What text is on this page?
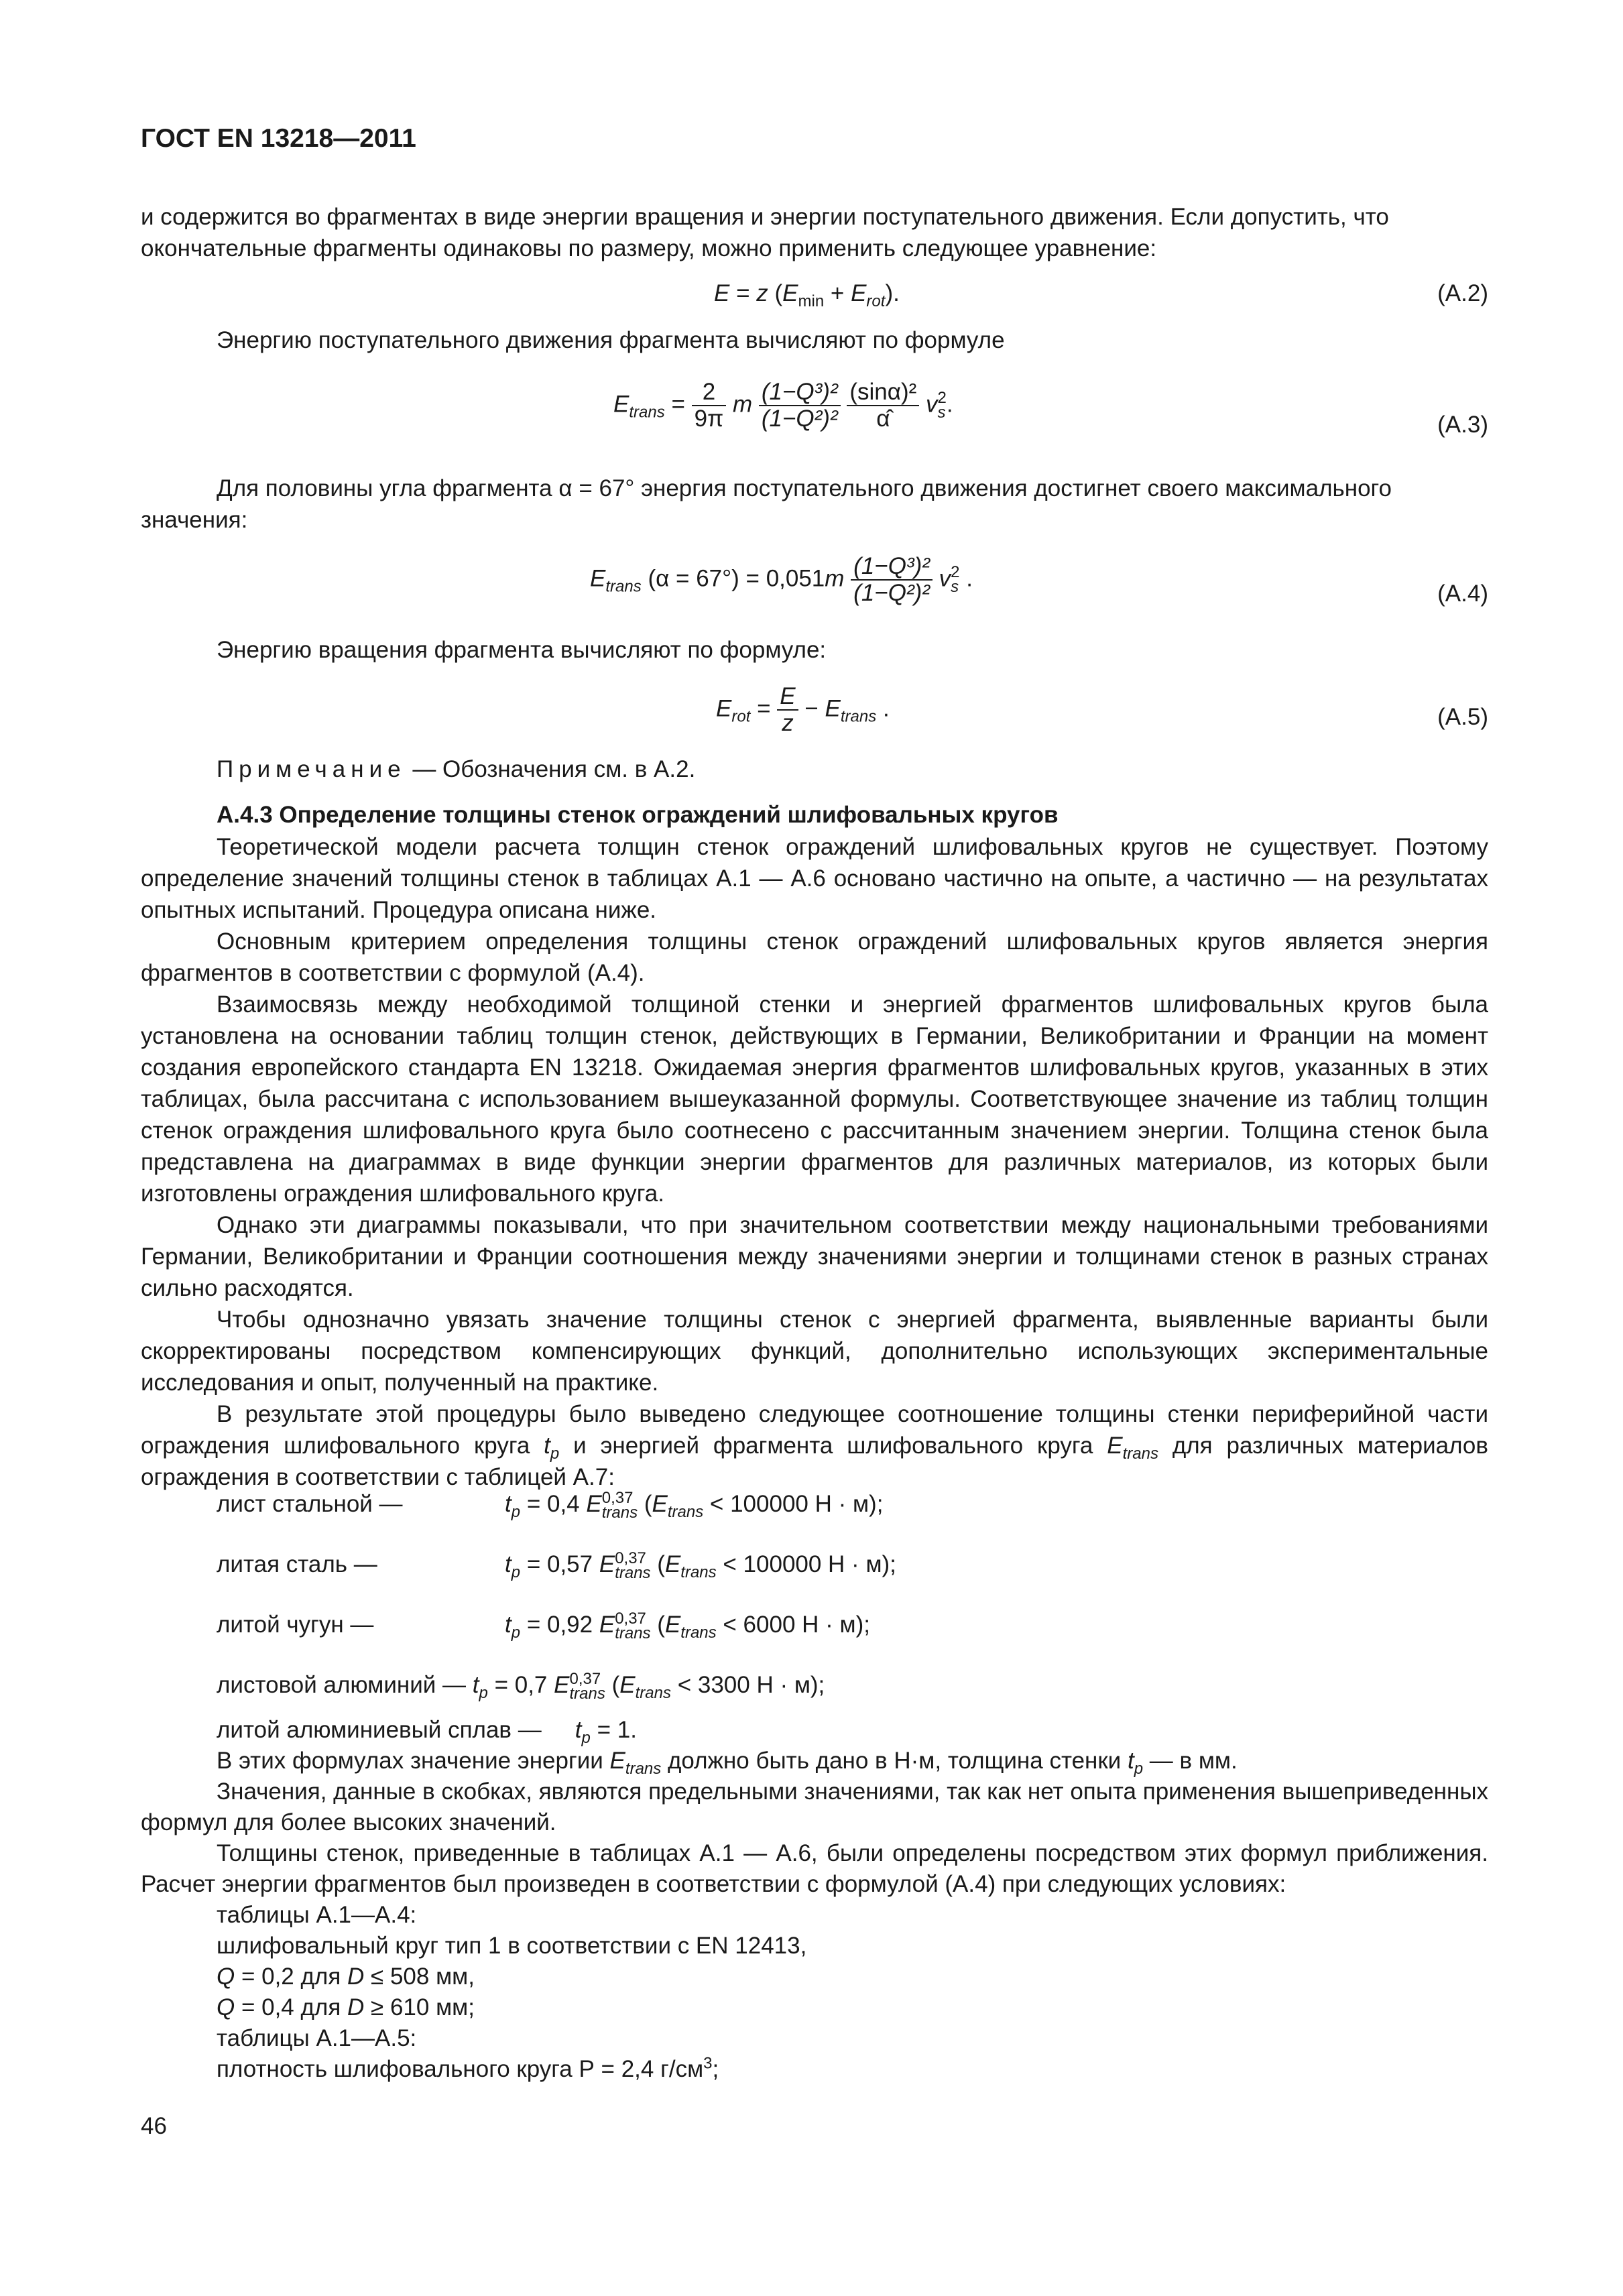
ГОСТ EN 13218—2011
и содержится во фрагментах в виде энергии вращения и энергии поступательного движения. Если допустить, что
окончательные фрагменты одинаковы по размеру, можно применить следующее уравнение:
E = z $(E_{min} + E_{rot})$.	(A.2)
Энергию поступательного движения фрагмента вычисляют по формуле
$E_{trans} = \frac{2}{9\pi}$ m $\frac{\text{(1−Q³)²}}{\text{(1−Q²)²}}$
$\frac{\text{(sinα)²}}{\alphâ}$ v 2
s .
(A.3)
Для половины угла фрагмента α = 67° энергия поступательного движения достигнет своего максимального
значения:
$E_{trans}$ $(\alpha = 67^\circ) = 0,051m \frac{\text{(1−Q³)²}}{\text{(1−Q²)²}}$ v 2
s .
(A.4)
Энергию вращения фрагмента вычисляют по формуле:
$E_{rot} = \frac{E}{z} - E_{trans}$ .	(A.5)
Примечание — Обозначения см. в А.2.
А.4.3 Определение толщины стенок ограждений шлифовальных кругов
Теоретической модели расчета толщин стенок ограждений шлифовальных кругов не существует. Поэтому определение значений толщины стенок в таблицах А.1 — А.6 основано частично на опыте, а частично — на результатах опытных испытаний. Процедура описана ниже.
Основным критерием определения толщины стенок ограждений шлифовальных кругов является энергия фрагментов в соответствии с формулой (А.4).
Взаимосвязь между необходимой толщиной стенки и энергией фрагментов шлифовальных кругов была установлена на основании таблиц толщин стенок, действующих в Германии, Великобритании и Франции на момент создания европейского стандарта EN 13218. Ожидаемая энергия фрагментов шлифовальных кругов, указанных в этих таблицах, была рассчитана с использованием вышеуказанной формулы. Соответствующее значение из таблиц толщин стенок ограждения шлифовального круга было соотнесено с рассчитанным значением энергии. Толщина стенок была представлена на диаграммах в виде функции энергии фрагментов для различных материалов, из которых были изготовлены ограждения шлифовального круга.
Однако эти диаграммы показывали, что при значительном соответствии между национальными требованиями Германии, Великобритании и Франции соотношения между значениями энергии и толщинами стенок в разных странах сильно расходятся.
Чтобы однозначно увязать значение толщины стенок с энергией фрагмента, выявленные варианты были скорректированы посредством компенсирующих функций, дополнительно использующих экспериментальные исследования и опыт, полученный на практике.
В результате этой процедуры было выведено следующее соотношение толщины стенки периферийной части ограждения шлифовального круга $t_p$ и энергией фрагмента шлифовального круга $E_{trans}$ для различных материалов ограждения в соответствии с таблицей А.7:
лист стальной —	$t_p = 0,4$ E 0,37
trans ($E_{trans} < 100000$ Н · м);
литая сталь —	$t_p = 0,57$ E 0,37
trans ($E_{trans} < 100000$ Н · м);
литой чугун —	$t_p = 0,92$ E 0,37
trans ($E_{trans} < 6000$ Н · м);
листовой алюминий — $t_p = 0,7$ E 0,37
trans ($E_{trans} < 3300$ Н · м);
литой алюминиевый сплав — $t_p = 1$.
В этих формулах значение энергии $E_{trans}$ должно быть дано в Н·м, толщина стенки $t_p$ — в мм.
Значения, данные в скобках, являются предельными значениями, так как нет опыта применения вышеприведенных формул для более высоких значений.
Толщины стенок, приведенные в таблицах А.1 — А.6, были определены посредством этих формул приближения. Расчет энергии фрагментов был произведен в соответствии с формулой (А.4) при следующих условиях:
таблицы А.1—А.4:
шлифовальный круг тип 1 в соответствии с EN 12413,
Q = 0,2 для D ≤ 508 мм,
Q = 0,4 для D ≥ 610 мм;
таблицы А.1—А.5:
плотность шлифовального круга Р = 2,4 $г/см^3$;
46
